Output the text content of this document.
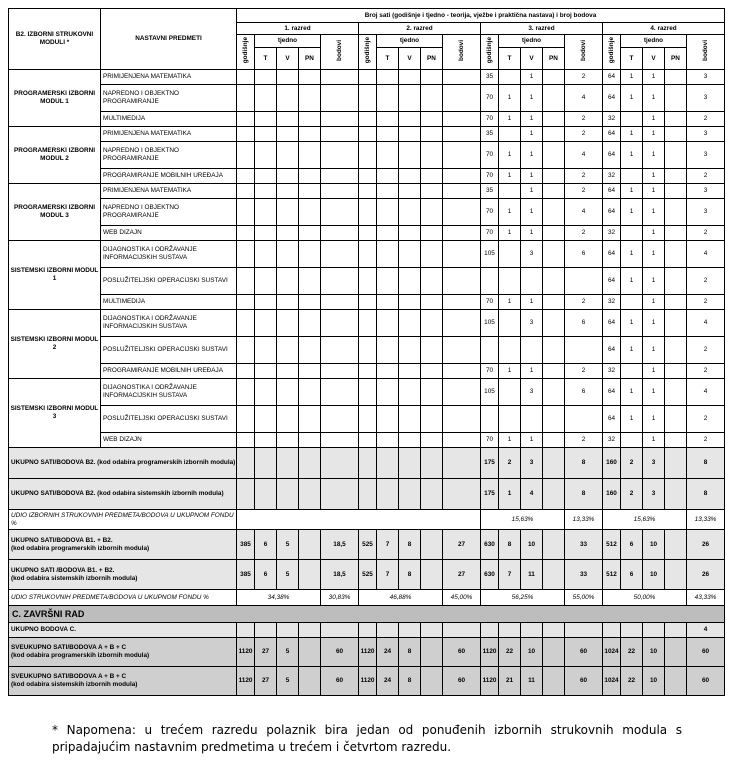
B2. IZBORNI STRUKOVNI MODULI *	NASTAVNI PREDMETI	Broj sati (godišnje i tjedno - teorija, vježbe i praktična nastava) i broj bodova																			
		1. razred					2. razred					3. razred					4. razred				
		godišnje	tjedno			bodovi	godišnje	tjedno			bodovi	godišnje	tjedno			bodovi	godišnje	tjedno			bodovi
			T	V	PN			T	V	PN			T	V	PN			T	V	PN	
PROGRAMERSKI IZBORNI MODUL 1	PRIMIJENJENA MATEMATIKA											35		1		2	64	1	1		3
	NAPREDNO I OBJEKTNO PROGRAMIRANJE											70	1	1		4	64	1	1		3
	MULTIMEDIJA											70	1	1		2	32		1		2
PROGRAMERSKI IZBORNI MODUL 2	PRIMIJENJENA MATEMATIKA											35		1		2	64	1	1		3
	NAPREDNO I OBJEKTNO PROGRAMIRANJE											70	1	1		4	64	1	1		3
	PROGRAMIRANJE MOBILNIH UREĐAJA											70	1	1		2	32		1		2
PROGRAMERSKI IZBORNI MODUL 3	PRIMIJENJENA MATEMATIKA											35		1		2	64	1	1		3
	NAPREDNO I OBJEKTNO PROGRAMIRANJE											70	1	1		4	64	1	1		3
	WEB DIZAJN											70	1	1		2	32		1		2
SISTEMSKI IZBORNI MODUL 1	DIJAGNOSTIKA I ODRŽAVANJE INFORMACIJSKIH SUSTAVA											105		3		6	64	1	1		4
	POSLUŽITELJSKI OPERACIJSKI SUSTAVI																64	1	1		2
	MULTIMEDIJA											70	1	1		2	32		1		2
SISTEMSKI IZBORNI MODUL 2	DIJAGNOSTIKA I ODRŽAVANJE INFORMACIJSKIH SUSTAVA											105		3		6	64	1	1		4
	POSLUŽITELJSKI OPERACIJSKI SUSTAVI																64	1	1		2
	PROGRAMIRANJE MOBILNIH UREĐAJA											70	1	1		2	32		1		2
SISTEMSKI IZBORNI MODUL 3	DIJAGNOSTIKA I ODRŽAVANJE INFORMACIJSKIH SUSTAVA											105		3		6	64	1	1		4
	POSLUŽITELJSKI OPERACIJSKI SUSTAVI																64	1	1		2
	WEB DIZAJN											70	1	1		2	32		1		2
UKUPNO SATI/BODOVA B2. (kod odabira programerskih izbornih modula)												175	2	3		8	160	2	3		8
UKUPNO SATI/BODOVA B2. (kod odabira sistemskih izbornih modula)												175	1	4		8	160	2	3		8
UDIO IZBORNIH STRUKOVNIH PREDMETA/BODOVA U UKUPNOM FONDU %												15,63%				13,33%	15,63%				13,33%

UKUPNO SATI/BODOVA B1. + B2.
(kod odabira programerskih izbornih modula)		385	6	5		18,5	525	7	8		27	630	8	10		33	512	6	10		26

UKUPNO SATI /BODOVA B1. + B2.
(kod odabira sistemskih izbornih modula)		385	6	5		18,5	525	7	8		27	630	7	11		33	512	6	10		26
UDIO STRUKOVNIH PREDMETA/BODOVA U UKUPNOM FONDU %		34,38%				30,83%	46,88%				45,00%	56,25%				55,00%	50,00%				43,33%
C. ZAVRŠNI RAD																					
UKUPNO BODOVA C.																					4

SVEUKUPNO SATI/BODOVA A + B + C
(kod odabira programerskih izbornih modula)		1120	27	5		60	1120	24	8		60	1120	22	10		60	1024	22	10		60

SVEUKUPNO SATI/BODOVA A + B + C
(kod odabira sistemskih izbornih modula)		1120	27	5		60	1120	24	8		60	1120	21	11		60	1024	22	10		60
* Napomena: u trećem razredu polaznik bira jedan od ponuđenih izbornih strukovnih modula s pripadajućim nastavnim predmetima u trećem i četvrtom razredu.
